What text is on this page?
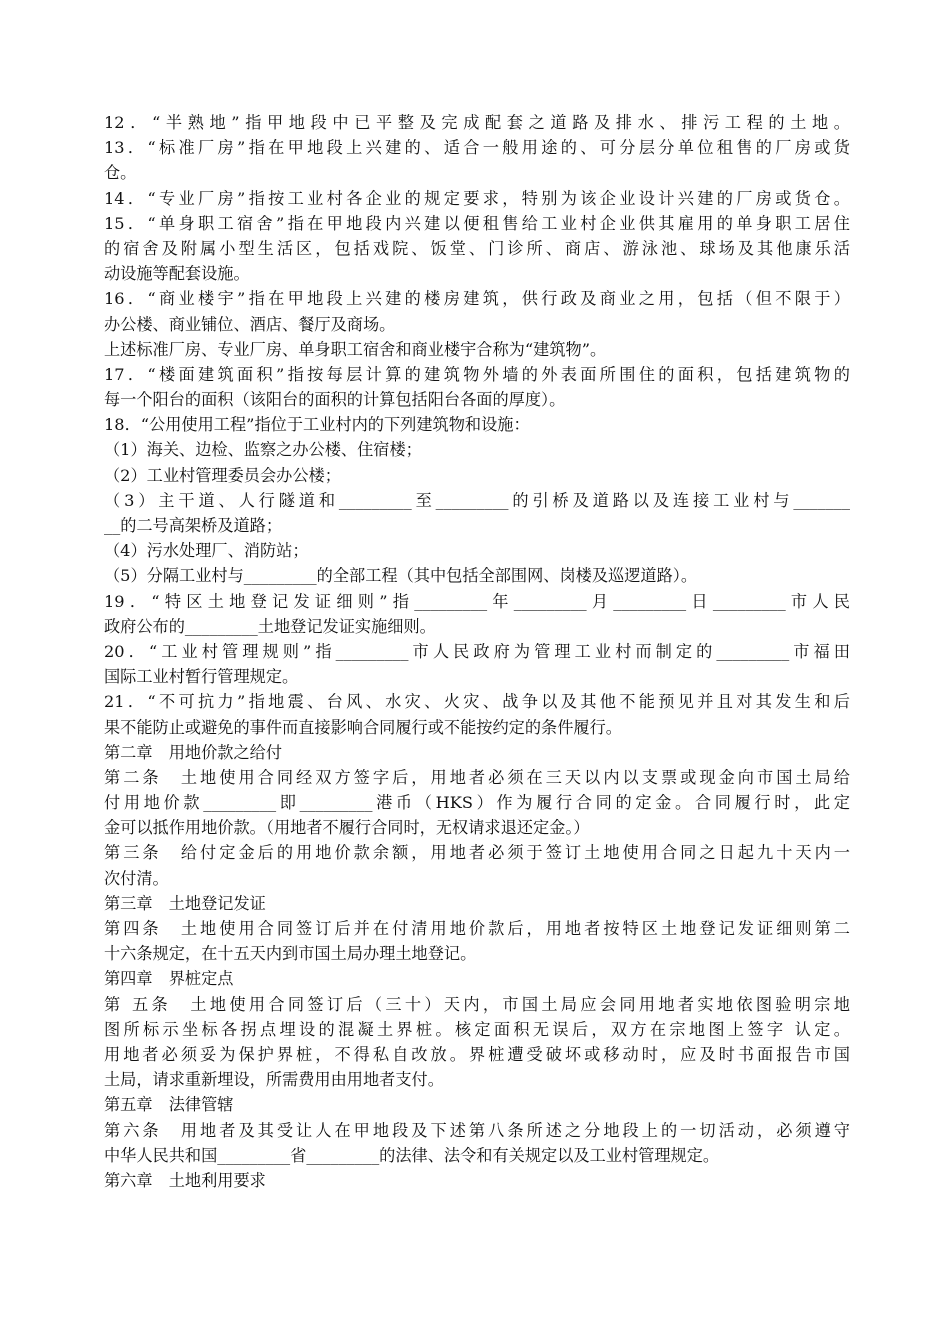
12．“半熟地”指甲地段中已平整及完成配套之道路及排水、排污工程的土地。
13．“标准厂房”指在甲地段上兴建的、适合一般用途的、可分层分单位租售的厂房或货
仓。
14．“专业厂房”指按工业村各企业的规定要求，特别为该企业设计兴建的厂房或货仓。
15．“单身职工宿舍”指在甲地段内兴建以便租售给工业村企业供其雇用的单身职工居住
的宿舍及附属小型生活区，包括戏院、饭堂、门诊所、商店、游泳池、球场及其他康乐活
动设施等配套设施。
16．“商业楼宇”指在甲地段上兴建的楼房建筑，供行政及商业之用，包括（但不限于）
办公楼、商业铺位、酒店、餐厅及商场。
上述标准厂房、专业厂房、单身职工宿舍和商业楼宇合称为“建筑物”。
17．“楼面建筑面积”指按每层计算的建筑物外墙的外表面所围住的面积，包括建筑物的
每一个阳台的面积（该阳台的面积的计算包括阳台各面的厚度）。
18．“公用使用工程”指位于工业村内的下列建筑物和设施：
（1）海关、边检、监察之办公楼、住宿楼；
（2）工业村管理委员会办公楼；
（3）主干道、人行隧道和_________至_________的引桥及道路以及连接工业村与_______
__的二号高架桥及道路；
（4）污水处理厂、消防站；
（5）分隔工业村与_________的全部工程（其中包括全部围网、岗楼及巡逻道路）。
19．“特区土地登记发证细则”指_________年_________月_________日_________市人民
政府公布的_________土地登记发证实施细则。
20．“工业村管理规则”指_________市人民政府为管理工业村而制定的_________市福田
国际工业村暂行管理规定。
21．“不可抗力”指地震、台风、水灾、火灾、战争以及其他不能预见并且对其发生和后
果不能防止或避免的事件而直接影响合同履行或不能按约定的条件履行。
第二章　用地价款之给付
第二条　土地使用合同经双方签字后，用地者必须在三天以内以支票或现金向市国土局给
付用地价款_________即_________港币（HKS）作为履行合同的定金。合同履行时，此定
金可以抵作用地价款。（用地者不履行合同时，无权请求退还定金。）
第三条　给付定金后的用地价款余额，用地者必须于签订土地使用合同之日起九十天内一
次付清。
第三章　土地登记发证
第四条　土地使用合同签订后并在付清用地价款后，用地者按特区土地登记发证细则第二
十六条规定，在十五天内到市国土局办理土地登记。
第四章　界桩定点
第 五条　土地使用合同签订后（三十）天内，市国土局应会同用地者实地依图验明宗地
图所标示坐标各拐点埋设的混凝土界桩。核定面积无误后，双方在宗地图上签字 认定。
用地者必须妥为保护界桩，不得私自改放。界桩遭受破坏或移动时，应及时书面报告市国
土局，请求重新埋设，所需费用由用地者支付。
第五章　法律管辖
第六条　用地者及其受让人在甲地段及下述第八条所述之分地段上的一切活动，必须遵守
中华人民共和国_________省_________的法律、法令和有关规定以及工业村管理规定。
第六章　土地利用要求
